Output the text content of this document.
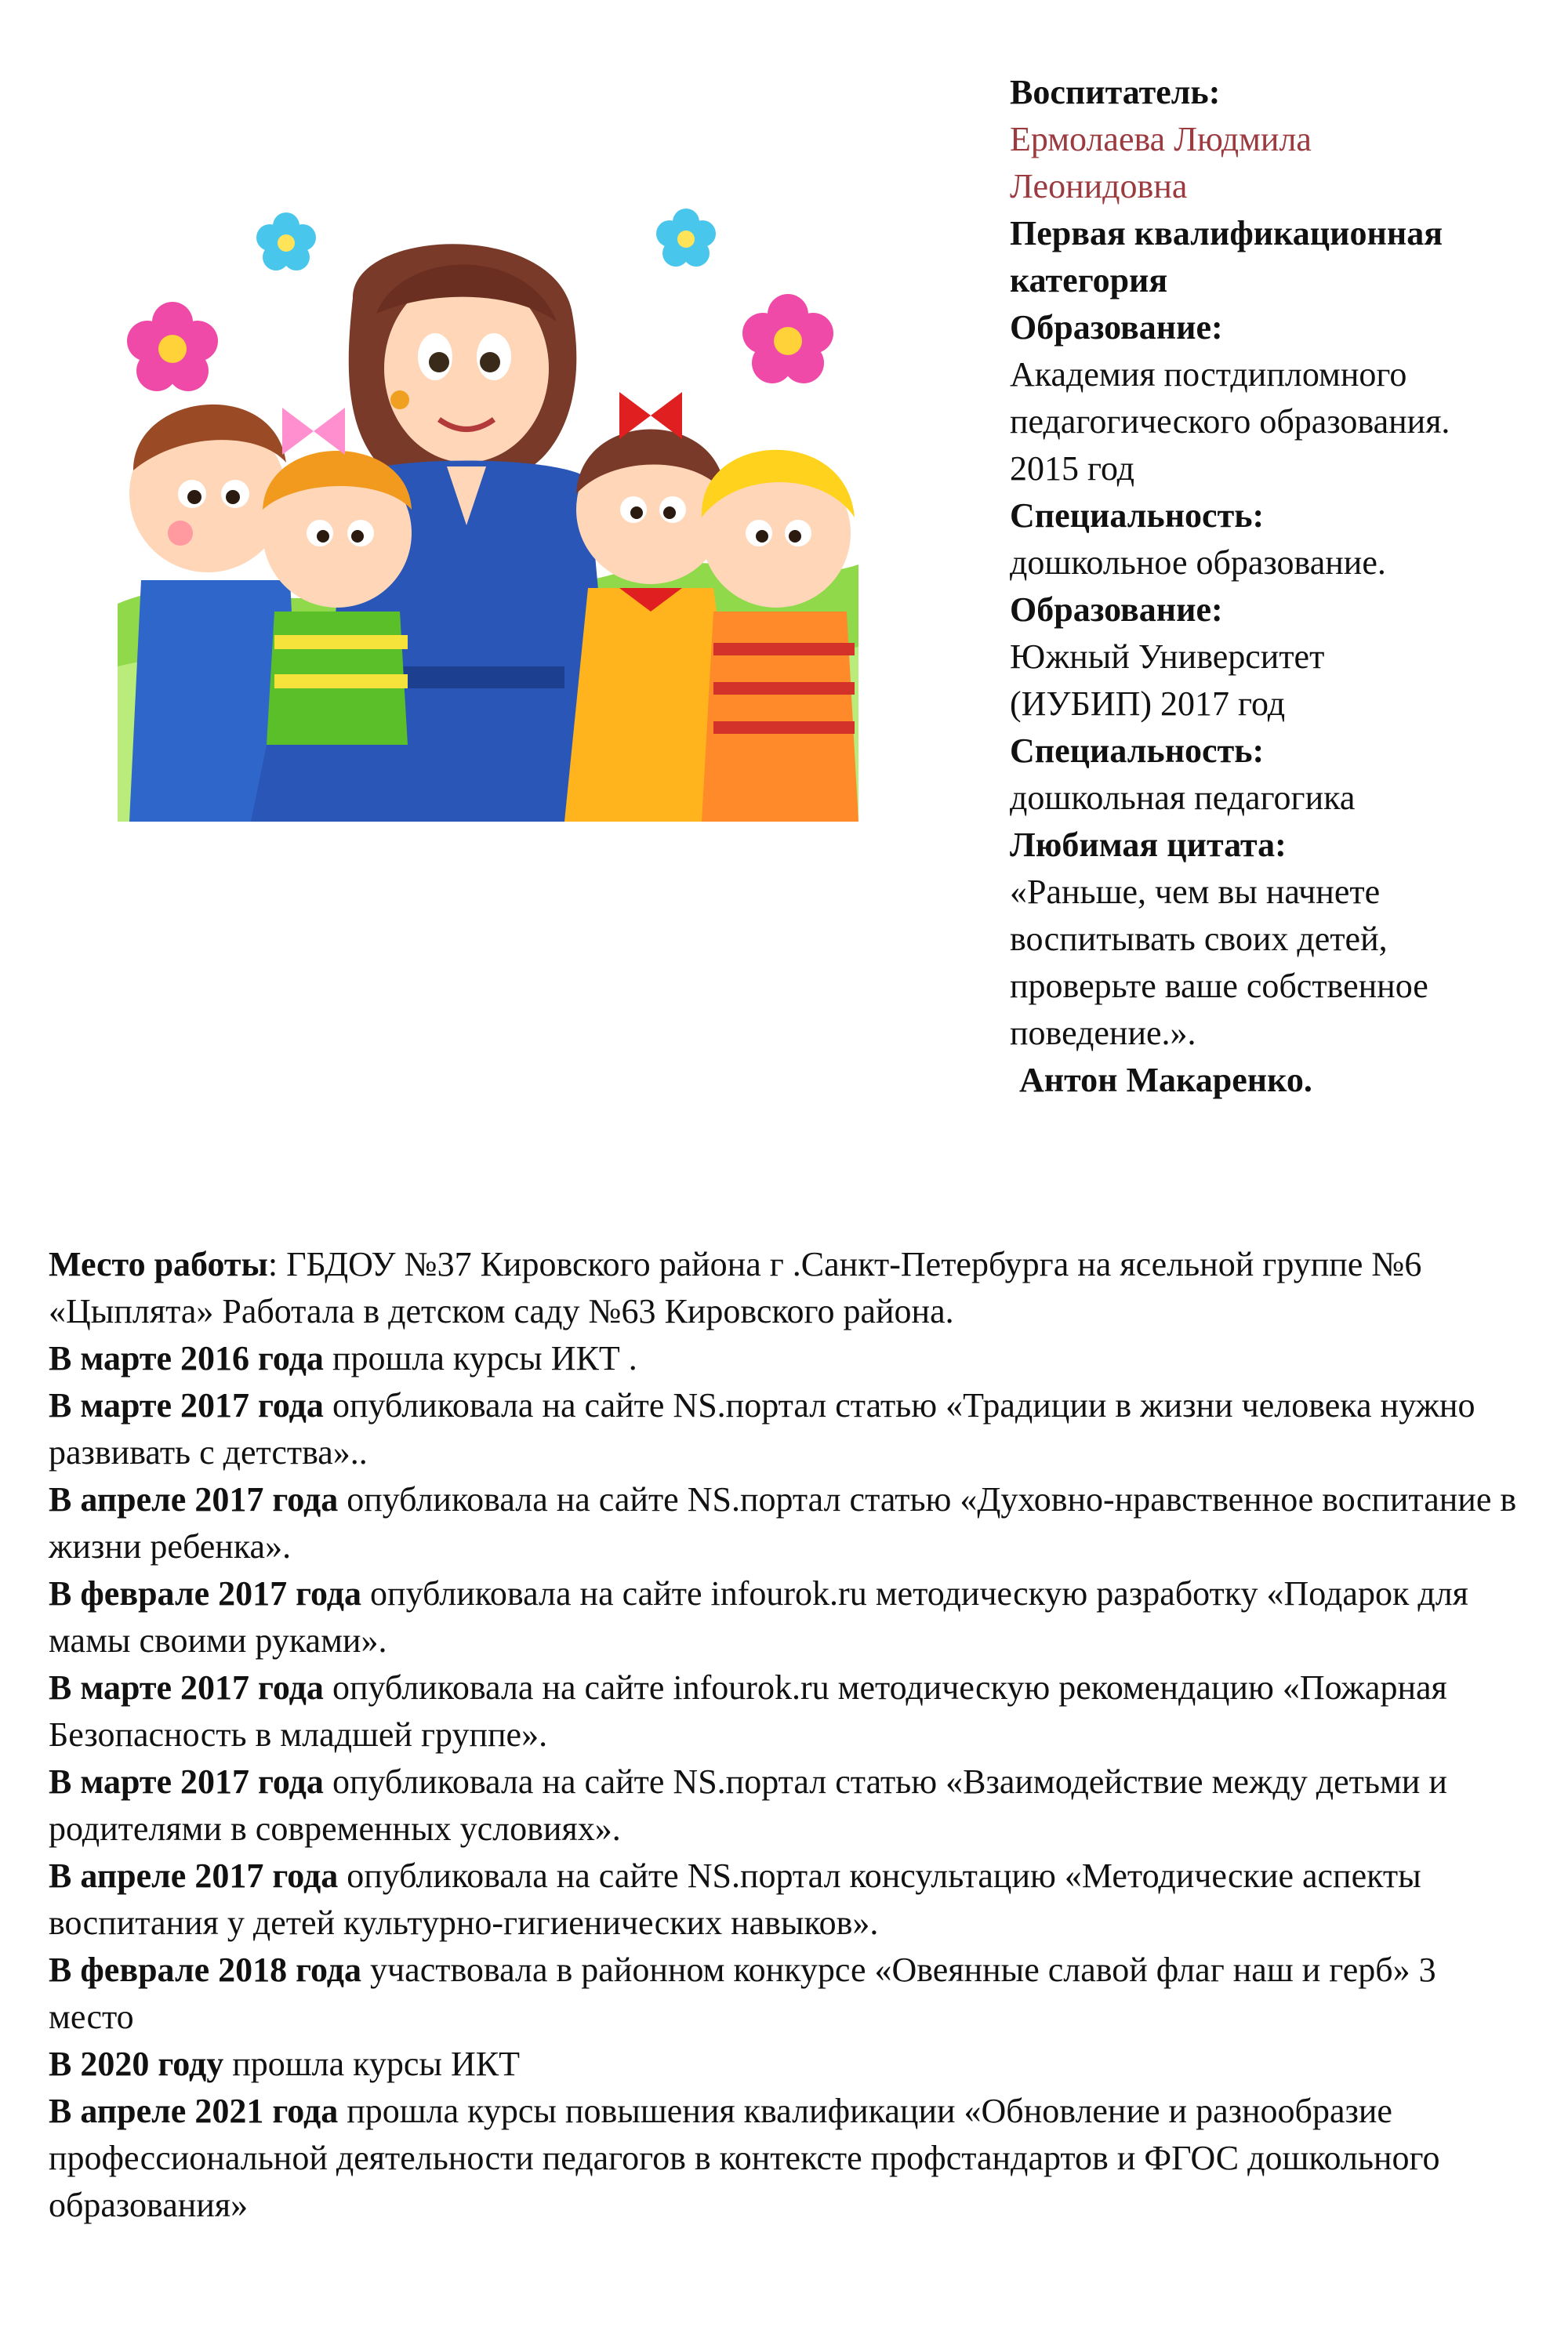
Воспитатель:
Ермолаева Людмила
Леонидовна
Первая квалификационная
категория
Образование:
Академия постдипломного
педагогического образования.
2015 год
Специальность:
дошкольное образование.
Образование:
Южный Университет
(ИУБИП) 2017 год
Специальность:
дошкольная педагогика
Любимая цитата:
«Раньше, чем вы начнете
воспитывать своих детей,
проверьте ваше собственное
поведение.».
Антон Макаренко.

Место работы: ГБДОУ №37 Кировского района г .Санкт-Петербурга на ясельной группе №6 «Цыплята» Работала в детском саду №63 Кировского района.

В марте 2016 года прошла курсы ИКТ .

В марте 2017 года опубликовала на сайте NS.портал статью «Традиции в жизни человека нужно развивать с детства»..

В апреле 2017 года опубликовала на сайте NS.портал статью «Духовно-нравственное воспитание в жизни ребенка».

В феврале 2017 года опубликовала на сайте infourok.ru методическую разработку «Подарок для мамы своими руками».

В марте 2017 года опубликовала на сайте infourok.ru методическую рекомендацию «Пожарная Безопасность в младшей группе».

В марте 2017 года опубликовала на сайте NS.портал статью «Взаимодействие между детьми и родителями в современных условиях».

В апреле 2017 года опубликовала на сайте NS.портал консультацию «Методические аспекты воспитания у детей культурно-гигиенических навыков».

В феврале 2018 года участвовала в районном конкурсе «Овеянные славой флаг наш и герб» 3 место

В 2020 году прошла курсы ИКТ

В апреле 2021 года прошла курсы повышения квалификации «Обновление и разнообразие профессиональной деятельности педагогов в контексте профстандартов и ФГОС дошкольного образования»
